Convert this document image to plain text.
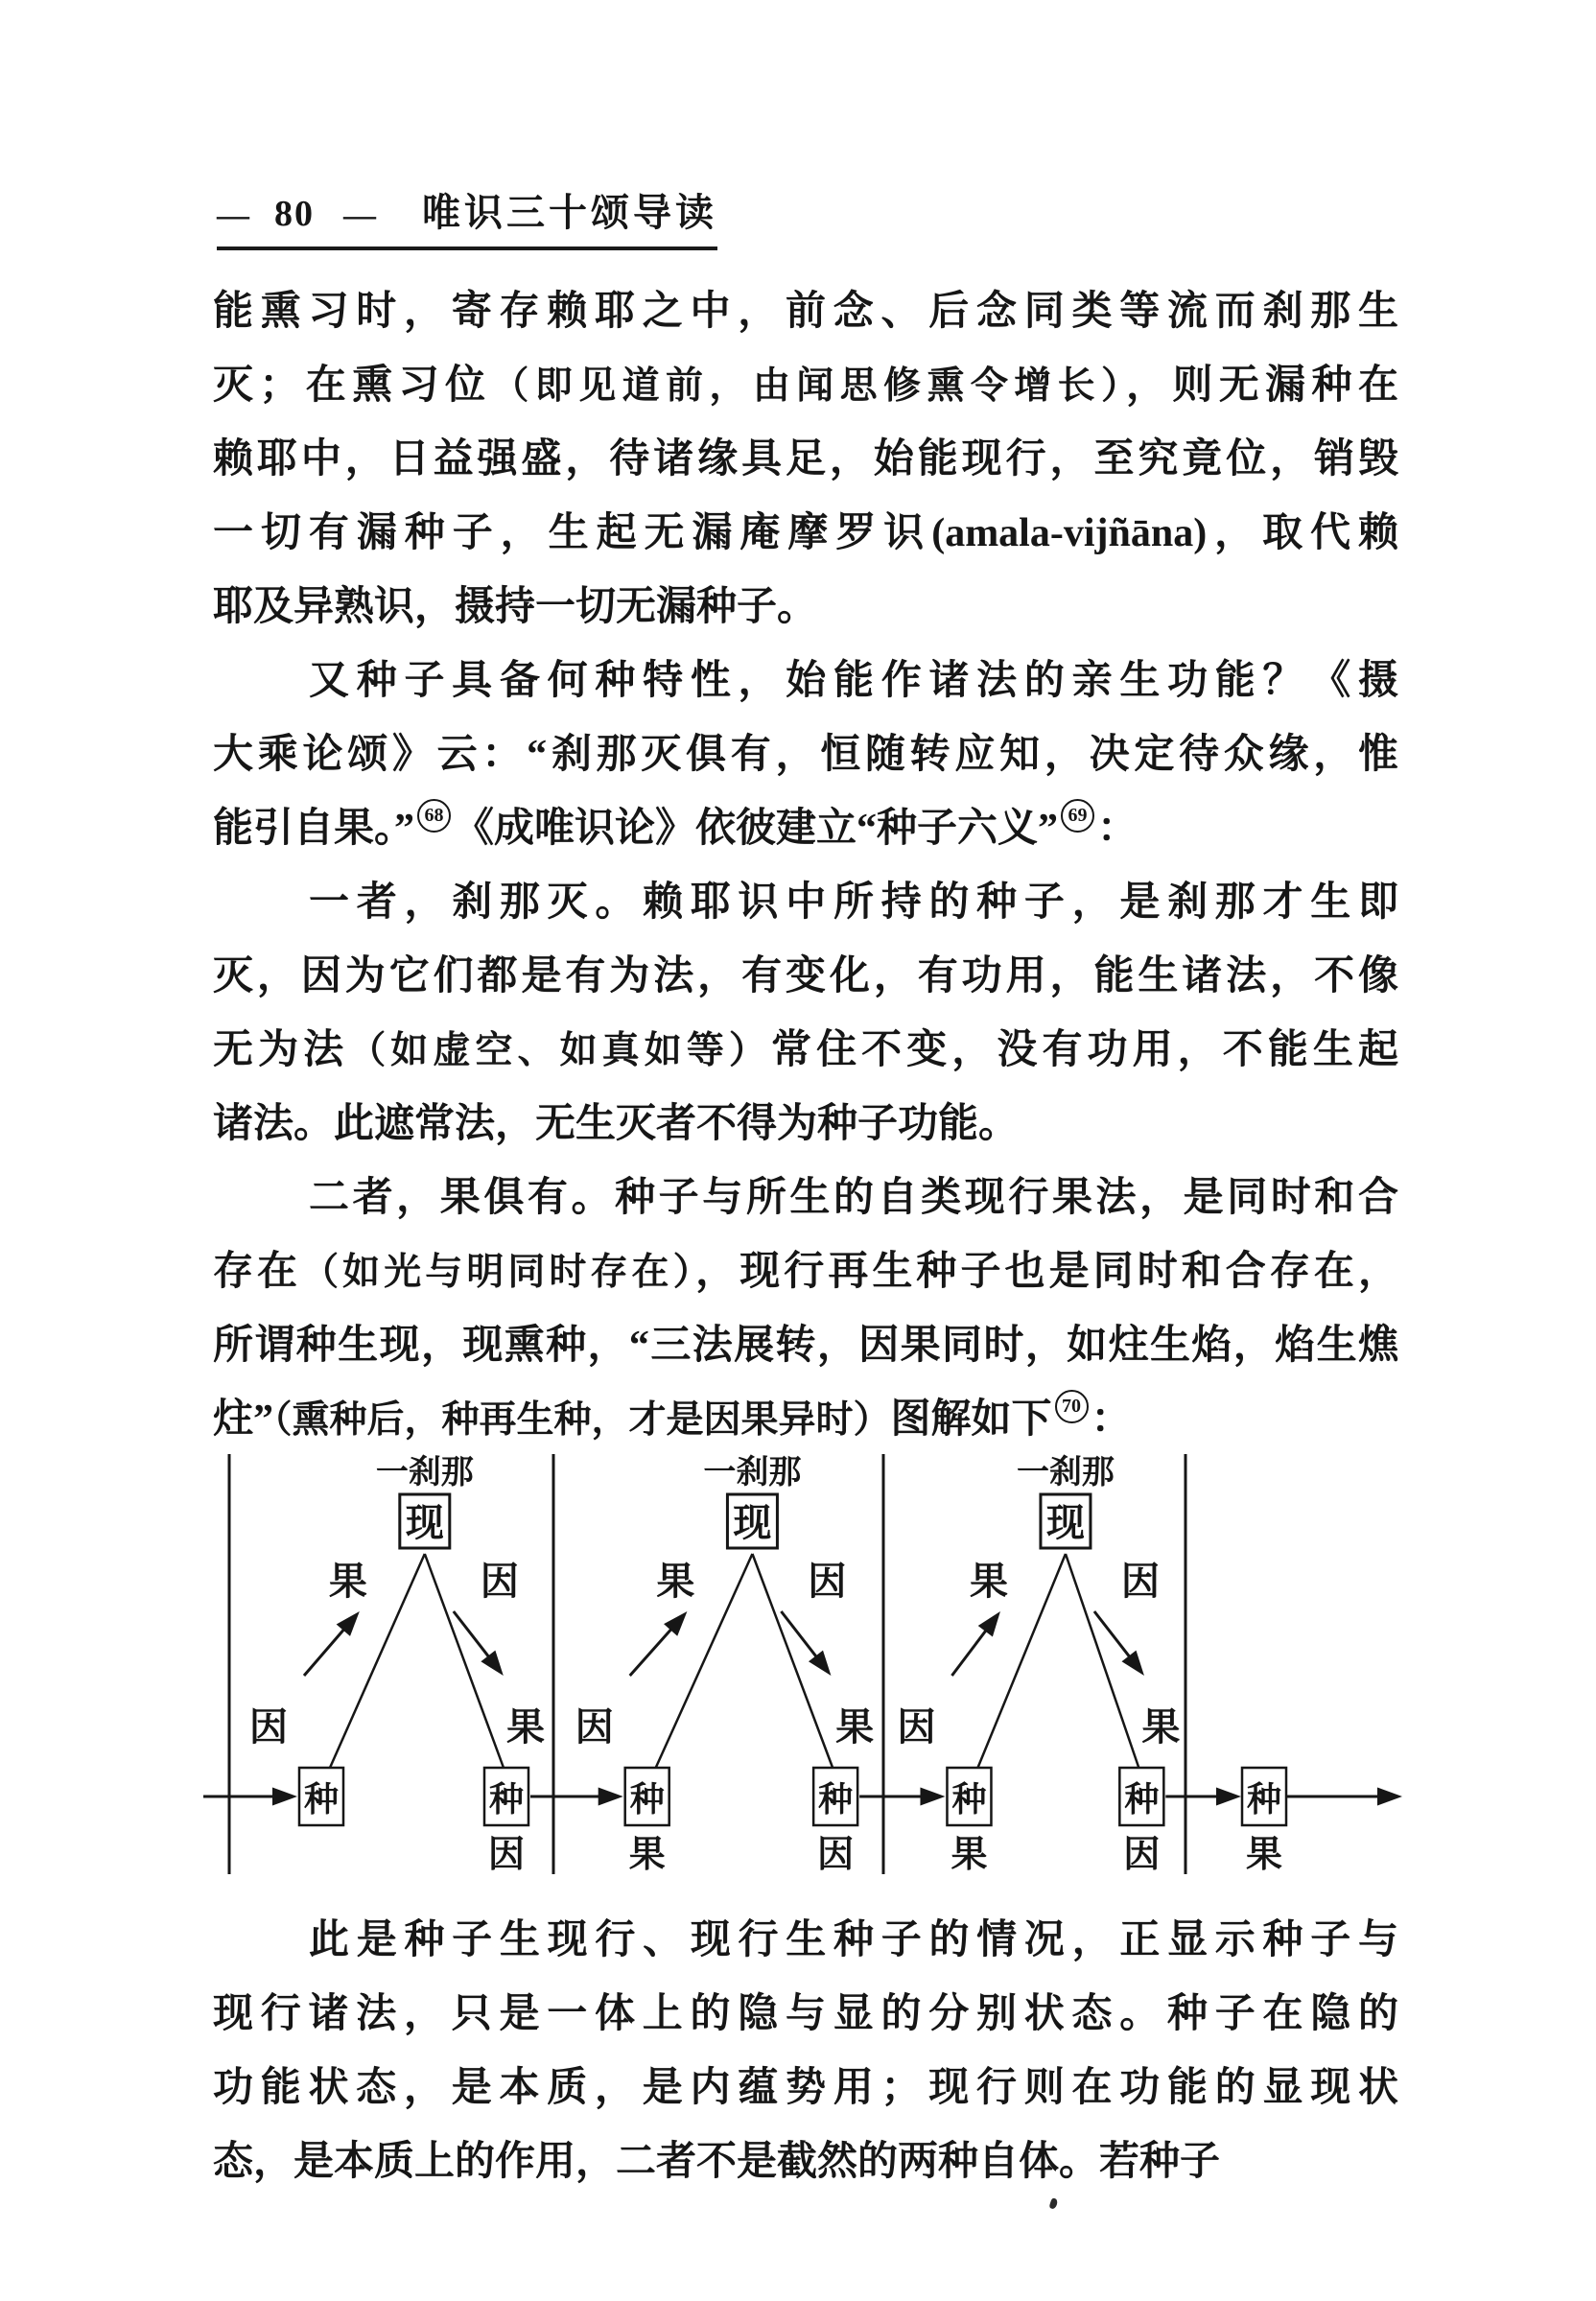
— 80 — 唯识三十颂导读
能熏习时，寄存赖耶之中，前念、后念同类等流而刹那生
灭；在熏习位（即见道前，由闻思修熏令增长），则无漏种在
赖耶中，日益强盛，待诸缘具足，始能现行，至究竟位，销毁
一切有漏种子，生起无漏庵摩罗识(amala-vijñāna)，取代赖
耶及异熟识，摄持一切无漏种子。
又种子具备何种特性，始能作诸法的亲生功能？《摄
大乘论颂》云：“刹那灭俱有，恒随转应知，决定待众缘，惟
能引自果。” 68 《成唯识论》依彼建立“种子六义” 69 ：
一者，刹那灭。赖耶识中所持的种子，是刹那才生即
灭，因为它们都是有为法，有变化，有功用，能生诸法，不像
无为法（如虚空、如真如等）常住不变，没有功用，不能生起
诸法。此遮常法，无生灭者不得为种子功能。
二者，果俱有。种子与所生的自类现行果法，是同时和合
存在（如光与明同时存在），现行再生种子也是同时和合存在，
所谓种生现，现熏种，“三法展转，因果同时，如炷生焰，焰生燋
炷”（熏种后，种再生种，才是因果异时）图解如下 70 ：
一刹那
现
果	因
因	果
种	种
一刹那
现
果	因
因	果
种	种
一刹那
现
果	因
因	果
种	种	种
因	果	因	果	因 果
此是种子生现行、现行生种子的情况，正显示种子与
现行诸法，只是一体上的隐与显的分别状态。种子在隐的
功能状态，是本质，是内蕴势用；现行则在功能的显现状
态，是本质上的作用，二者不是截然的两种自体。若种子
